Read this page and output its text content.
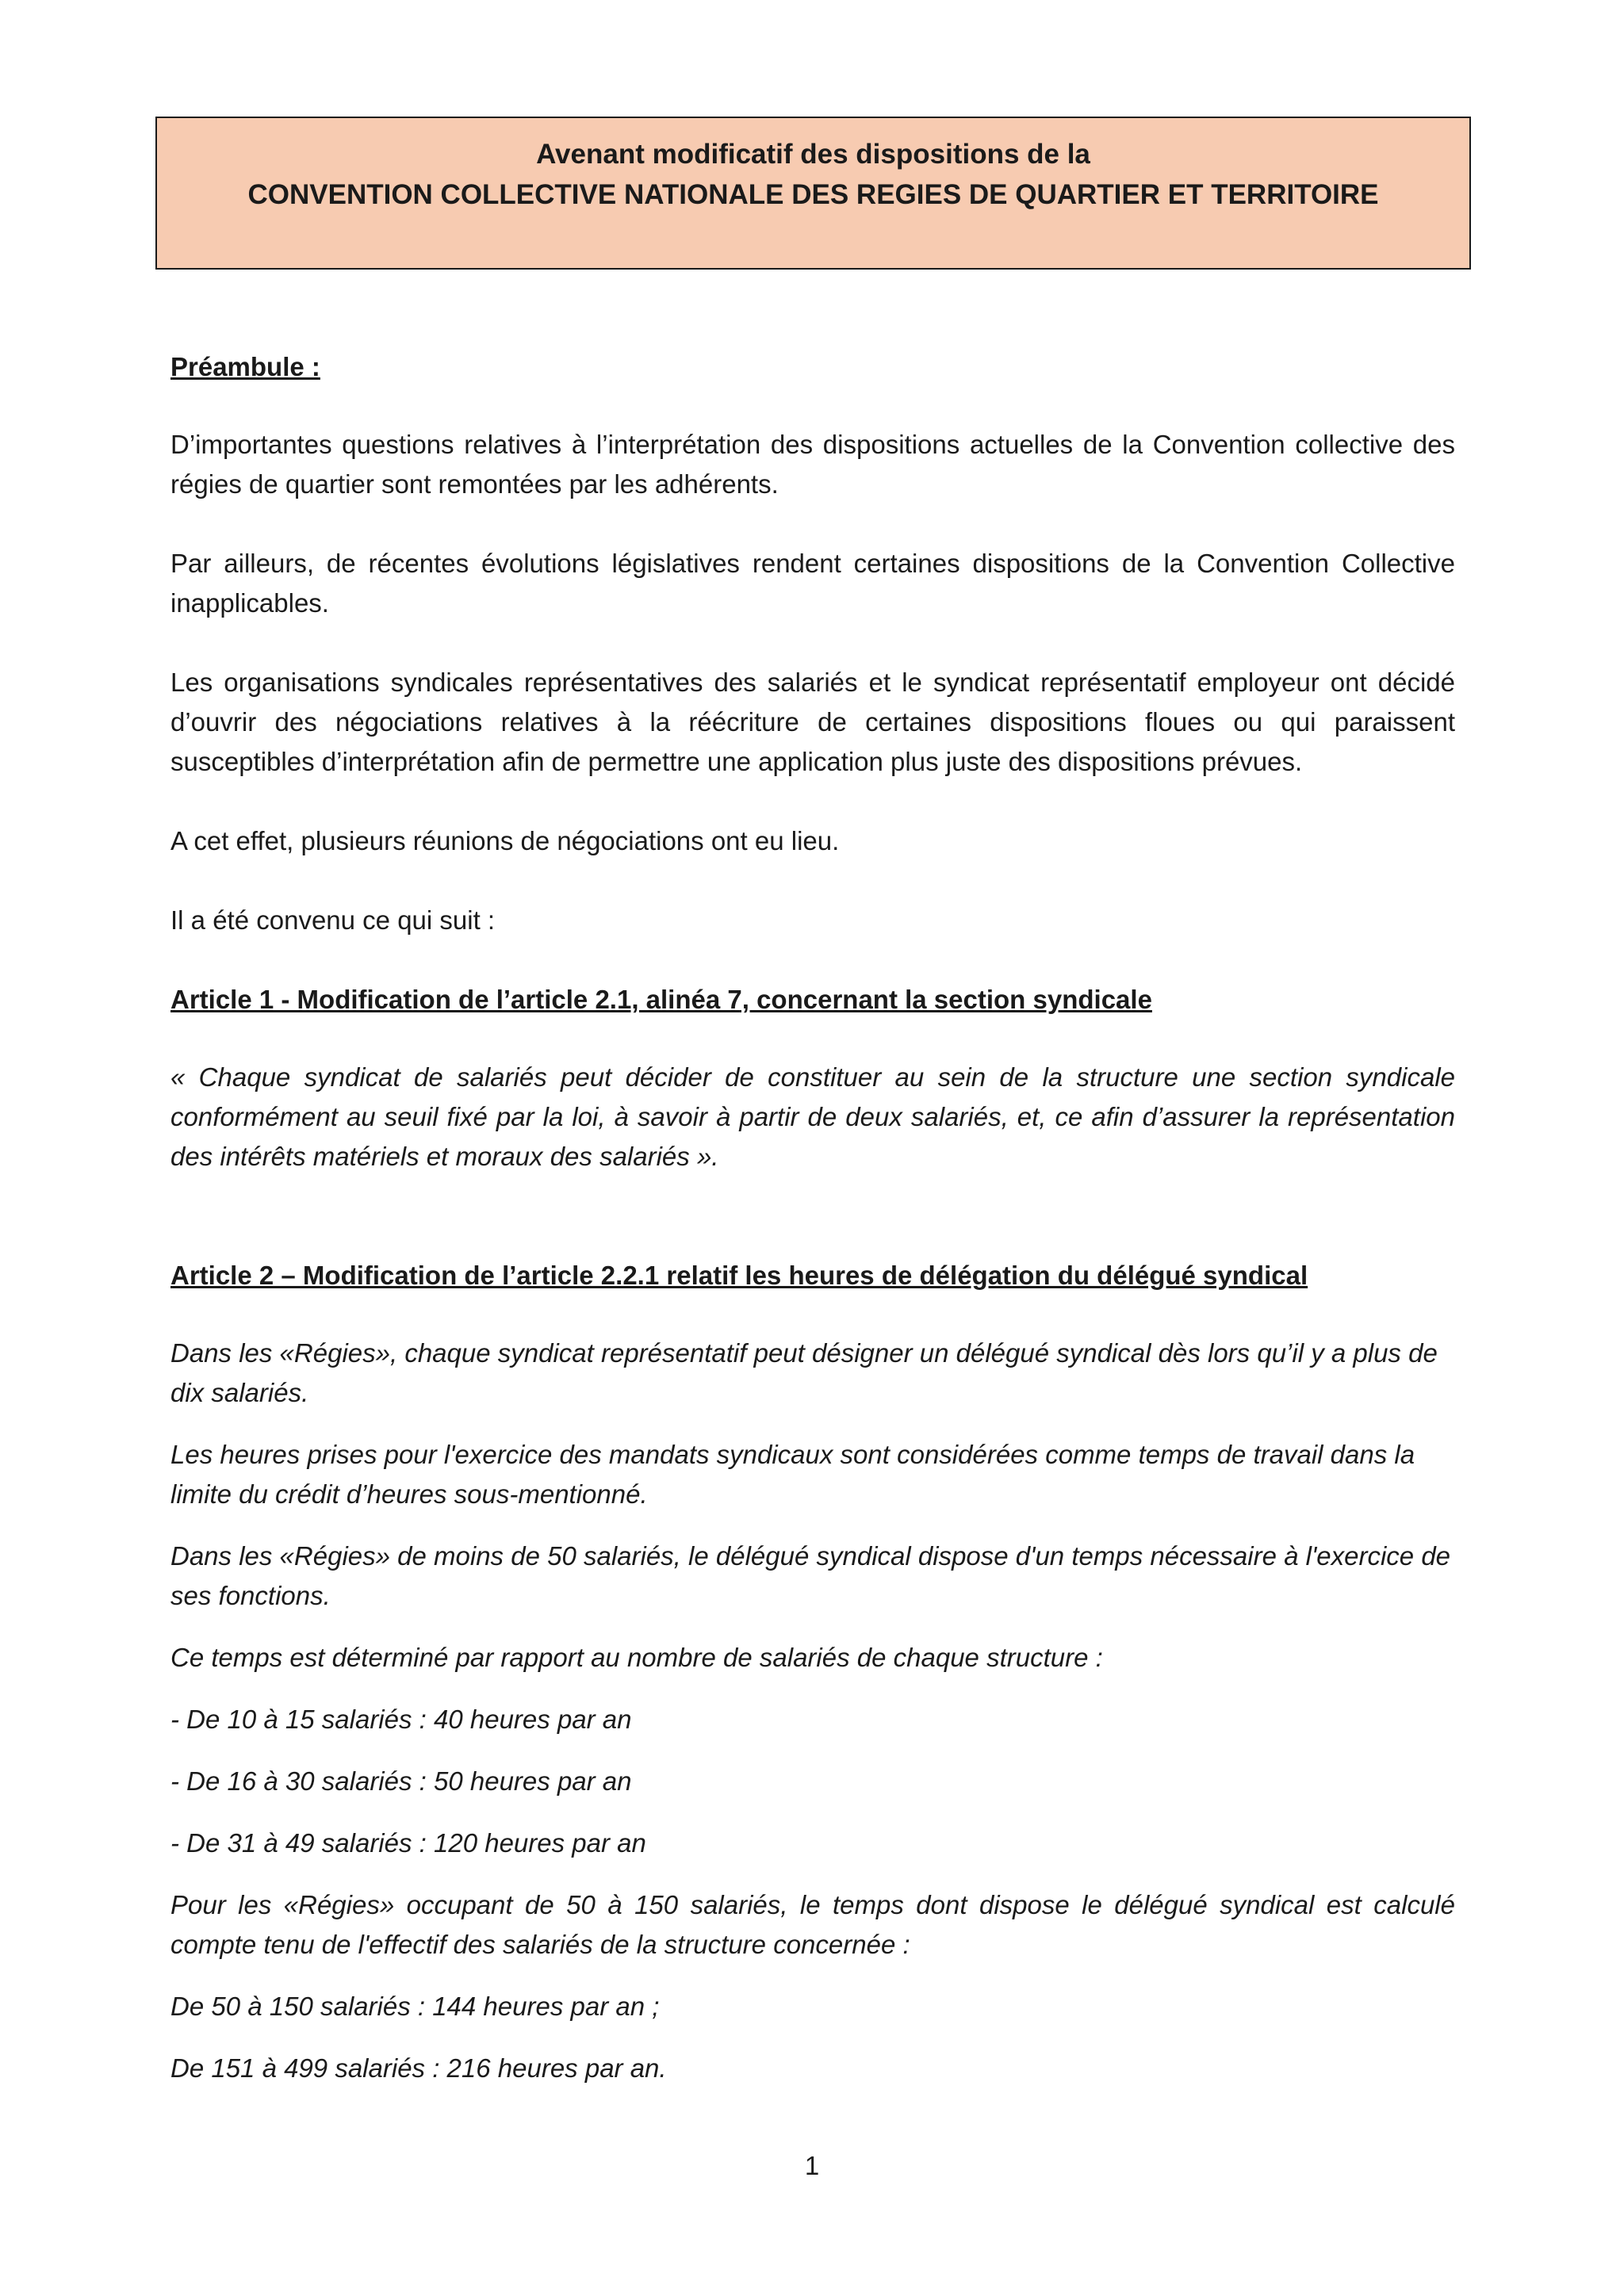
Avenant modificatif des dispositions de la
CONVENTION COLLECTIVE NATIONALE DES REGIES DE QUARTIER ET TERRITOIRE
Préambule :

D’importantes questions relatives à l’interprétation des dispositions actuelles de la Convention collective des régies de quartier sont remontées par les adhérents.

Par ailleurs, de récentes évolutions législatives rendent certaines dispositions de la Convention Collective inapplicables.

Les organisations syndicales représentatives des salariés et le syndicat représentatif employeur ont décidé d’ouvrir des négociations relatives à la réécriture de certaines dispositions floues ou qui paraissent susceptibles d’interprétation afin de permettre une application plus juste des dispositions prévues.

A cet effet, plusieurs réunions de négociations ont eu lieu.

Il a été convenu ce qui suit :

Article 1 - Modification de l’article 2.1, alinéa 7, concernant la section syndicale

« Chaque syndicat de salariés peut décider de constituer au sein de la structure une section syndicale conformément au seuil fixé par la loi, à savoir à partir de deux salariés, et, ce afin d’assurer la représentation des intérêts matériels et moraux des salariés ».

Article 2 – Modification de l’article 2.2.1 relatif les heures de délégation du délégué syndical

Dans les «Régies», chaque syndicat représentatif peut désigner un délégué syndical dès lors qu’il y a plus de dix salariés.

Les heures prises pour l'exercice des mandats syndicaux sont considérées comme temps de travail dans la limite du crédit d’heures sous-mentionné.

Dans les «Régies» de moins de 50 salariés, le délégué syndical dispose d'un temps nécessaire à l'exercice de ses fonctions.

Ce temps est déterminé par rapport au nombre de salariés de chaque structure :

- De 10 à 15 salariés : 40 heures par an
- De 16 à 30 salariés : 50 heures par an
- De 31 à 49 salariés : 120 heures par an

Pour les «Régies» occupant de 50 à 150 salariés, le temps dont dispose le délégué syndical est calculé compte tenu de l'effectif des salariés de la structure concernée :

De 50 à 150 salariés : 144 heures par an ;
De 151 à 499 salariés : 216 heures par an.
1
